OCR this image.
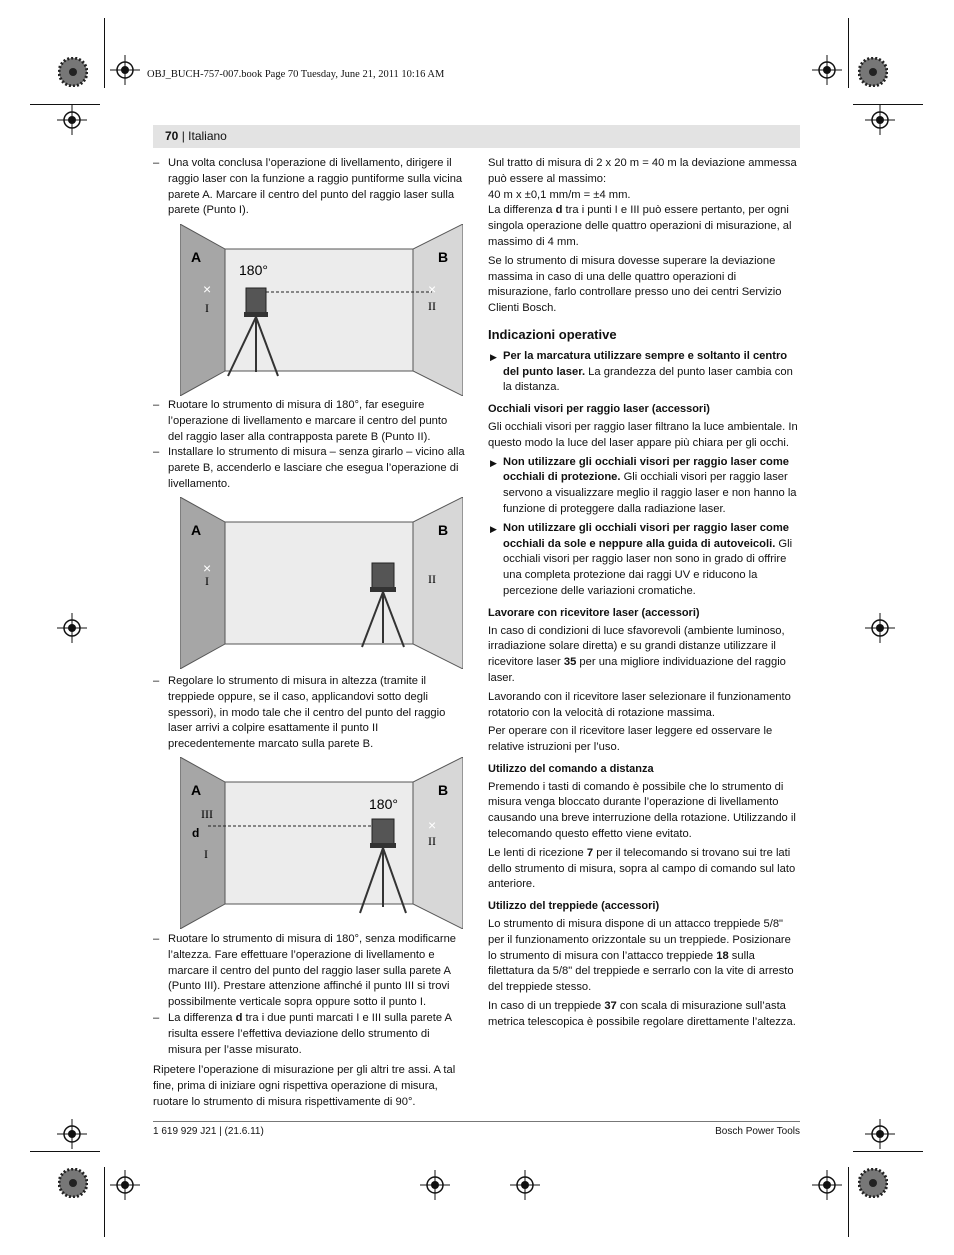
OBJ_BUCH-757-007.book Page 70 Tuesday, June 21, 2011 10:16 AM
70 | Italiano
– Una volta conclusa l’operazione di livellamento, dirigere il raggio laser con la funzione a raggio puntiforme sulla vicina parete A. Marcare il centro del punto del raggio laser sulla parete (Punto I).
A	B
180°
×
I
×
II
– Ruotare lo strumento di misura di 180°, far eseguire l’operazione di livellamento e marcare il centro del punto del raggio laser alla contrapposta parete B (Punto II).
– Installare lo strumento di misura – senza girarlo – vicino alla parete B, accenderlo e lasciare che esegua l’operazione di livellamento.
A	B
×
I	II
– Regolare lo strumento di misura in altezza (tramite il treppiede oppure, se il caso, applicandovi sotto degli spessori), in modo tale che il centro del punto del raggio laser arrivi a colpire esattamente il punto II precedentemente marcato sulla parete B.
A	B
180°
III
d
I
×
II
– Ruotare lo strumento di misura di 180°, senza modificarne l’altezza. Fare effettuare l’operazione di livellamento e marcare il centro del punto del raggio laser sulla parete A (Punto III). Prestare attenzione affinché il punto III si trovi possibilmente verticale sopra oppure sotto il punto I.
– La differenza d tra i due punti marcati I e III sulla parete A risulta essere l’effettiva deviazione dello strumento di misura per l’asse misurato.

Ripetere l’operazione di misurazione per gli altri tre assi. A tal fine, prima di iniziare ogni rispettiva operazione di misura, ruotare lo strumento di misura rispettivamente di 90°.

Sul tratto di misura di 2 x 20 m = 40 m la deviazione ammessa può essere al massimo:

40 m x ±0,1 mm/m = ±4 mm.

La differenza d tra i punti I e III può essere pertanto, per ogni singola operazione delle quattro operazioni di misurazione, al massimo di 4 mm.

Se lo strumento di misura dovesse superare la deviazione massima in caso di una delle quattro operazioni di misurazione, farlo controllare presso uno dei centri Servizio Clienti Bosch.

Indicazioni operative
▶ Per la marcatura utilizzare sempre e soltanto il centro del punto laser. La grandezza del punto laser cambia con la distanza.
Occhiali visori per raggio laser (accessori)

Gli occhiali visori per raggio laser filtrano la luce ambientale. In questo modo la luce del laser appare più chiara per gli occhi.

▶ Non utilizzare gli occhiali visori per raggio laser come occhiali di protezione. Gli occhiali visori per raggio laser servono a visualizzare meglio il raggio laser e non hanno la funzione di proteggere dalla radiazione laser.
▶ Non utilizzare gli occhiali visori per raggio laser come occhiali da sole e neppure alla guida di autoveicoli. Gli occhiali visori per raggio laser non sono in grado di offrire una completa protezione dai raggi UV e riducono la percezione delle variazioni cromatiche.
Lavorare con ricevitore laser (accessori)

In caso di condizioni di luce sfavorevoli (ambiente luminoso, irradiazione solare diretta) e su grandi distanze utilizzare il ricevitore laser 35 per una migliore individuazione del raggio laser.

Lavorando con il ricevitore laser selezionare il funzionamento rotatorio con la velocità di rotazione massima.

Per operare con il ricevitore laser leggere ed osservare le relative istruzioni per l’uso.

Utilizzo del comando a distanza

Premendo i tasti di comando è possibile che lo strumento di misura venga bloccato durante l’operazione di livellamento causando una breve interruzione della rotazione. Utilizzando il telecomando questo effetto viene evitato.

Le lenti di ricezione 7 per il telecomando si trovano sui tre lati dello strumento di misura, sopra al campo di comando sul lato anteriore.

Utilizzo del treppiede (accessori)

Lo strumento di misura dispone di un attacco treppiede 5/8" per il funzionamento orizzontale su un treppiede. Posizionare lo strumento di misura con l’attacco treppiede 18 sulla filettatura da 5/8" del treppiede e serrarlo con la vite di arresto del treppiede stesso.

In caso di un treppiede 37 con scala di misurazione sull’asta metrica telescopica è possibile regolare direttamente l’altezza.

1 619 929 J21 | (21.6.11)	Bosch Power Tools
